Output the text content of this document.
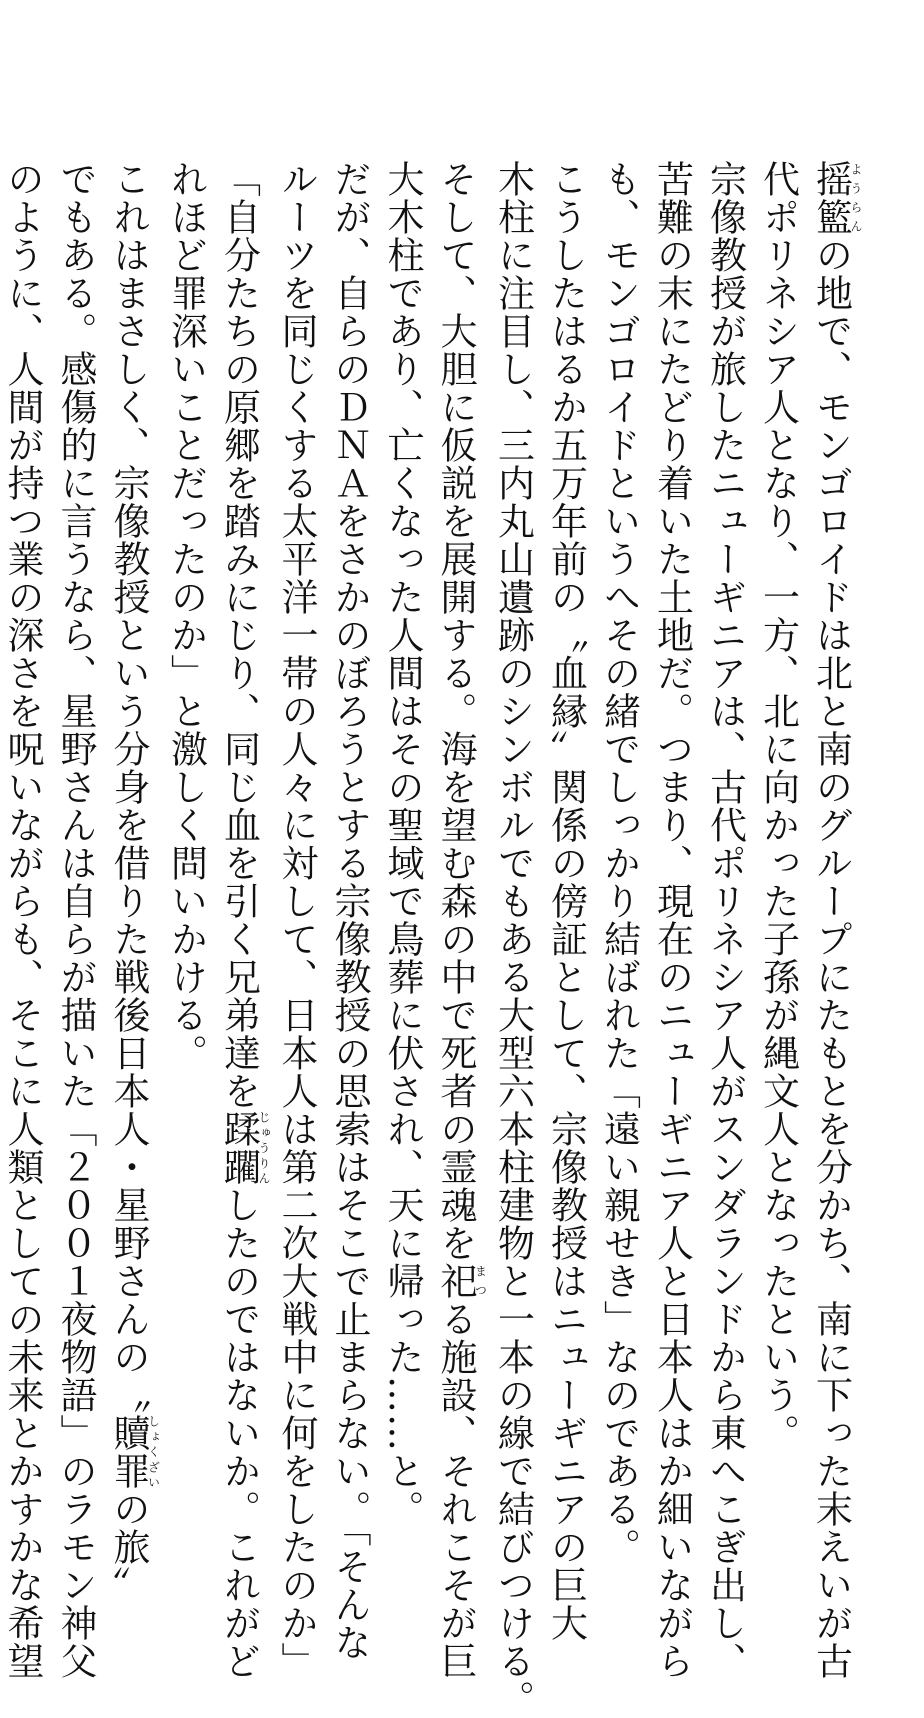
摇籃ようらんの地で、モンゴロイドは北と南のグループにたもとを分かち、南に下った末えいが古
代ポリネシア人となり、一方、北に向かった子孫が縄文人となったという。
宗像教授が旅したニューギニアは、古代ポリネシア人がスンダランドから東へこぎ出し、
苦難の末にたどり着いた土地だ。つまり、現在のニューギニア人と日本人はか細いながら
も、モンゴロイドというへその緒でしっかり結ばれた「遠い親せき」なのである。
こうしたはるか五万年前の〝血縁〟関係の傍証として、宗像教授はニューギニアの巨大
木柱に注目し、三内丸山遺跡のシンボルでもある大型六本柱建物と一本の線で結びつける。
そして、大胆に仮説を展開する。海を望む森の中で死者の霊魂を祀まつる施設、それこそが巨
大木柱であり、亡くなった人間はその聖域で鳥葬に伏され、天に帰った……と。
だが、自らのＤＮＡをさかのぼろうとする宗像教授の思索はそこで止まらない。「そんな
ルーツを同じくする太平洋一帯の人々に対して、日本人は第二次大戦中に何をしたのか」
「自分たちの原郷を踏みにじり、同じ血を引く兄弟達を蹂躙じゅうりんしたのではないか。これがど
れほど罪深いことだったのか」と激しく問いかける。
これはまさしく、宗像教授という分身を借りた戦後日本人・星野さんの〝贖罪しょくざいの旅〟
でもある。感傷的に言うなら、星野さんは自らが描いた「２００１夜物語」のラモン神父
のように、人間が持つ業の深さを呪いながらも、そこに人類としての未来とかすかな希望
